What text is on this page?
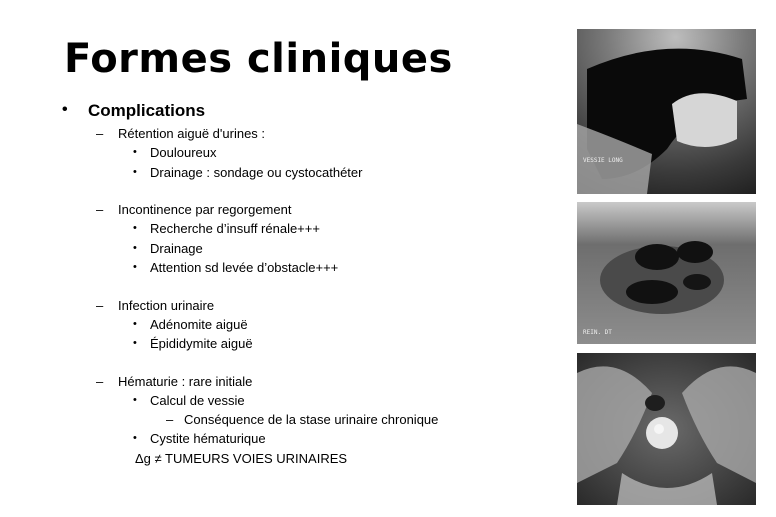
Formes cliniques
• Complications
– Rétention aiguë d'urines :
• Douloureux
• Drainage : sondage ou cystocathéter
– Incontinence par regorgement
• Recherche d’insuff rénale+++
• Drainage
• Attention sd levée d’obstacle+++
– Infection urinaire
• Adénomite aiguë
• Épididymite aiguë
– Hématurie : rare initiale
• Calcul de vessie
– Conséquence de la stase urinaire chronique
• Cystite hématurique
Δg ≠ TUMEURS VOIES URINAIRES
VESSIE LONG
REIN. DT
